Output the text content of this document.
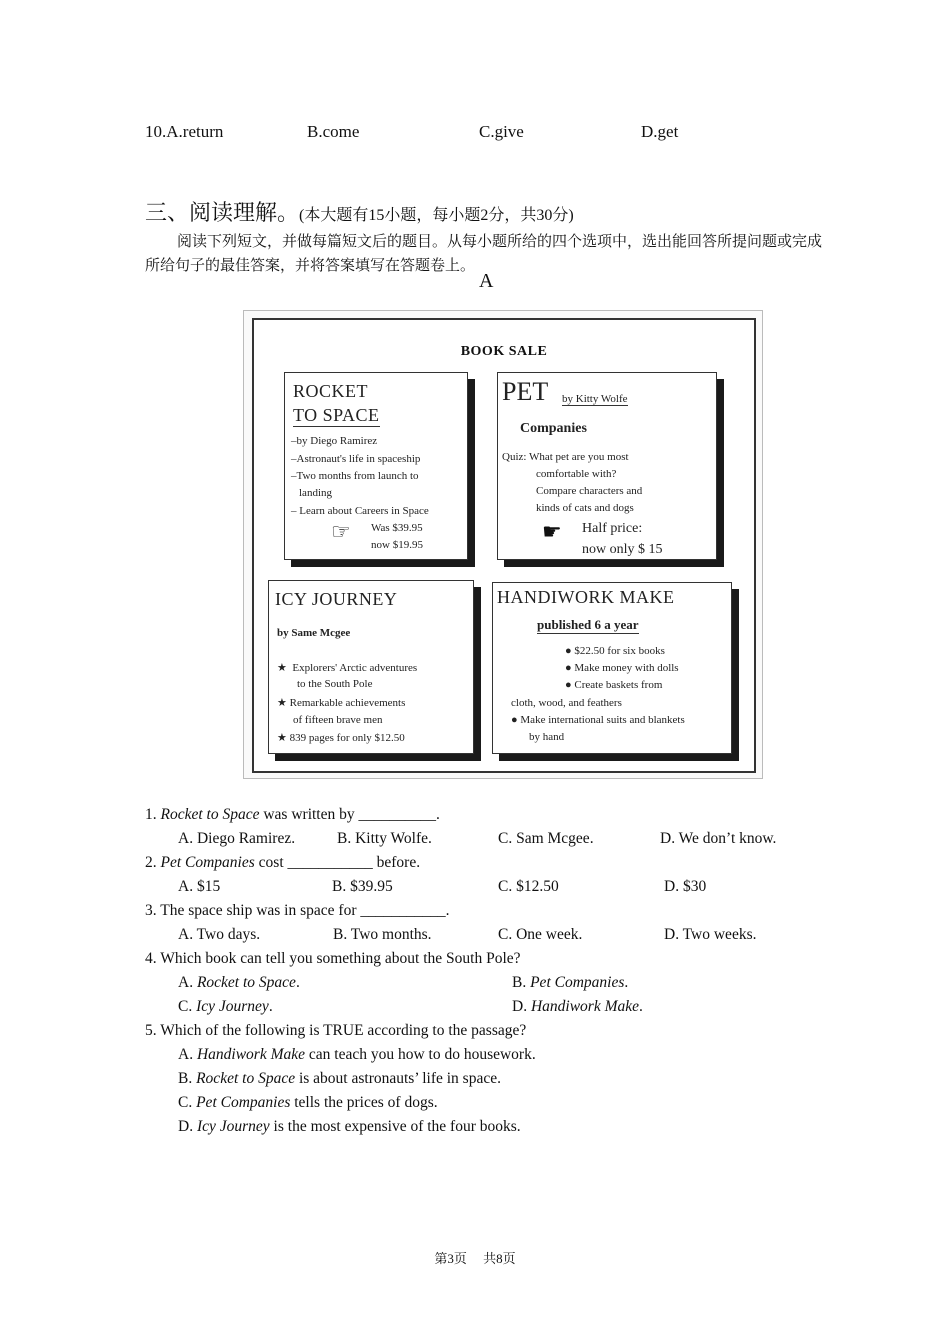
10.A.return	B.come	C.give	D.get
三、阅读理解。(本大题有15小题，每小题2分，共30分)
阅读下列短文，并做每篇短文后的题目。从每小题所给的四个选项中，选出能回答所提问题或完成所给句子的最佳答案，并将答案填写在答题卷上。
A
BOOK SALE
ROCKET
TO SPACE
–by Diego Ramirez
–Astronaut's life in spaceship
–Two months from launch to
landing
– Learn about Careers in Space
☞ Was $39.95
now $19.95
PET by Kitty Wolfe
Companies
Quiz: What pet are you most
comfortable with?
Compare characters and
kinds of cats and dogs
☛ Half price:
now only $ 15
ICY JOURNEY
by Same Mcgee
★ Explorers' Arctic adventures
to the South Pole
★ Remarkable achievements
of fifteen brave men
★ 839 pages for only $12.50
HANDIWORK MAKE
published 6 a year
● $22.50 for six books
● Make money with dolls
● Create baskets from
cloth, wood, and feathers
● Make international suits and blankets
by hand
1. Rocket to Space was written by __________.
A. Diego Ramirez.	B. Kitty Wolfe.	C. Sam Mcgee.	D. We don’t know.
2. Pet Companies cost ___________ before.
A. $15	B. $39.95	C. $12.50	D. $30
3. The space ship was in space for ___________.
A. Two days.	B. Two months.	C. One week.	D. Two weeks.
4. Which book can tell you something about the South Pole?
A. Rocket to Space.	B. Pet Companies.
C. Icy Journey.	D. Handiwork Make.
5. Which of the following is TRUE according to the passage?
A. Handiwork Make can teach you how to do housework.
B. Rocket to Space is about astronauts’ life in space.
C. Pet Companies tells the prices of dogs.
D. Icy Journey is the most expensive of the four books.
第3页 共8页
